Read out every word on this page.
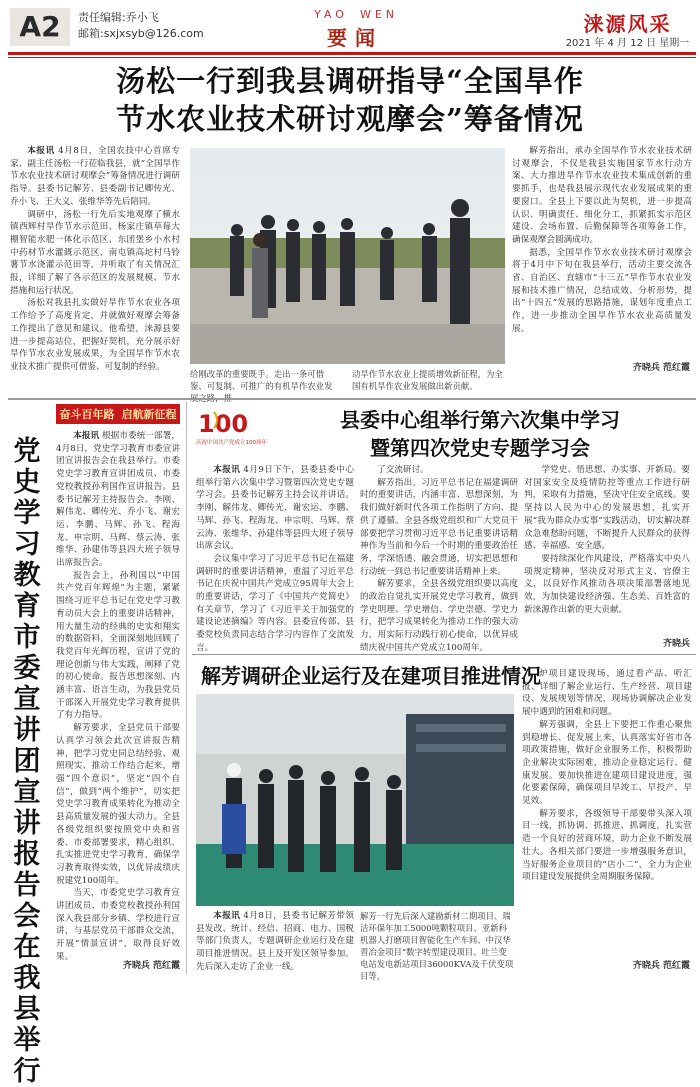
A2	责任编辑:乔小飞
邮箱:sxjxsyb@126.com
YAO WEN
要闻
涞源风采
2021 年 4 月 12 日 星期一
汤松一行到我县调研指导“全国旱作
节水农业技术研讨观摩会”筹备情况

本报讯 4月8日，全国农技中心首席专家、副主任汤松一行莅临我县，就“全国旱作节水农业技术研讨观摩会”筹备情况进行调研指导。县委书记解芳、县委副书记卿传光、乔小飞、王大义、张维华等先后陪同。

调研中，汤松一行先后实地观摩了横水镇西辉村旱作节水示范田、杨家庄镇草莓大棚智能水肥一体化示范区、东团堡乡小水村中药材节水灌溉示范区、南屯镇高坨村马铃薯节水浇灌示范田等，并听取了有关情况汇报，详细了解了各示范区的发展规模、节水措施和运行状况。

汤松对我县扎实做好旱作节水农业各项工作给予了高度肯定，并就做好观摩会筹备工作提出了意见和建议。他希望，涞源县要进一步提高站位，把握好契机，充分展示好旱作节水农业发展成果，为全国旱作节水农业技术推广提供可借鉴、可复制的经验。

给刚改革的重要既手。走出一条可借鉴、可复制、可推广的有机旱作农业发
动旱作节水农业上提质增效新征程，为全国有机旱作农业发展做出新贡献。

解芳指出，承办全国旱作节水农业技术研讨观摩会，不仅是我县实施国家节水行动方案、大力推进旱作节水农业技术集成创新的重要抓手，也是我县展示现代农业发展成果的重要窗口。全县上下要以此为契机，进一步提高认识、明确责任、细化分工，抓紧抓实示范区建设、会场布置、后勤保障等各项筹备工作，确保观摩会圆满成功。

据悉，全国旱作节水农业技术研讨观摩会将于4月中下旬在我县举行，活动主要交流各省、自治区、直辖市“十三五”旱作节水农业发展和技术推广情况，总结成效、分析形势，提出“十四五”发展的思路措施，谋划年度重点工作，进一步推动全国旱作节水农业高质量发展。

齐晓兵 范红霞
奋斗百年路 启航新征程
党
史
学
习
教
育
市
委
宣
讲
团
宣
讲
报
告
会
在
我
县
举
行

本报讯 根据市委统一部署，4月8日，党史学习教育市委宣讲团宣讲报告会在我县举行。市委党史学习教育宣讲团成员、市委党校教授孙利国作宣讲报告。县委书记解芳主持报告会。李刚、解伟龙、卿传光、乔小飞、谢宏运、李鹏、马辉、孙飞、程海龙、申宗明、马辉、蔡云涛、张维华、孙建伟等县四大班子领导出席报告会。

报告会上，孙利国以“中国共产党百年辉煌”为主题，紧紧围绕习近平总书记在党史学习教育动员大会上的重要讲话精神，用大量生动的经典的史实和翔实的数据资料，全面深刻地回顾了我党百年光辉历程，宣讲了党的理论创新与伟大实践，阐释了党的初心使命。报告思想深刻、内涵丰富、语言生动，为我县党员干部深入开展党史学习教育提供了有力指导。

解芳要求，全县党员干部要认真学习领会此次宣讲报告精神，把学习党史同总结经验、观照现实、推动工作结合起来，增强“四个意识”，坚定“四个自信”，做到“两个维护”，切实把党史学习教育成果转化为推动全县高质量发展的强大动力。全县各级党组织要按照党中央和省委、市委部署要求，精心组织、扎实推进党史学习教育，确保学习教育取得实效，以优异成绩庆祝建党100周年。

当天，市委党史学习教育宣讲团成员、市委党校教授孙利国深入我县部分乡镇、学校进行宣讲，与基层党员干部群众交流，开展“情景宣讲”，取得良好效果。

齐晓兵 范红霞
100
庆祝中国共产党成立100周年
县委中心组举行第六次集中学习
暨第四次党史专题学习会

本报讯 4月9日下午，县委县委中心组举行第六次集中学习暨第四次党史专题学习会。县委书记解芳主持会议并讲话。李刚、解伟龙、卿传光、谢宏运、李鹏、马辉、孙飞、程海龙、申宗明、马辉、蔡云涛、张维华、孙建伟等县四大班子领导出席会议。

会议集中学习了习近平总书记在福建调研时的重要讲话精神，重温了习近平总书记在庆祝中国共产党成立95周年大会上的重要讲话，学习了《中国共产党简史》有关章节，学习了《习近平关于加强党的建设论述摘编》等内容。县委宣传部、县委党校负责同志结合学习内容作了交流发言。

了交流研讨。

解芳指出，习近平总书记在福建调研时的重要讲话，内涵丰富、思想深刻，为我们做好新时代各项工作指明了方向、提供了遵循。全县各级党组织和广大党员干部要把学习贯彻习近平总书记重要讲话精神作为当前和今后一个时期的重要政治任务，学深悟透、融会贯通，切实把思想和行动统一到总书记重要讲话精神上来。

解芳要求，全县各级党组织要以高度的政治自觉扎实开展党史学习教育，做到学史明理、学史增信、学史崇德、学史力行，把学习成果转化为推动工作的强大动力，用实际行动践行初心使命，以优异成绩庆祝中国共产党成立100周年。

学党史、悟思想、办实事、开新局。要对国家安全及疫情防控等重点工作进行研判，采取有力措施，坚决守住安全底线。要坚持以人民为中心的发展思想，扎实开展“我为群众办实事”实践活动，切实解决群众急难愁盼问题，不断提升人民群众的获得感、幸福感、安全感。

要持续深化作风建设，严格落实中央八项规定精神，坚决反对形式主义、官僚主义，以良好作风推动各项决策部署落地见效，为加快建设经济强、生态美、百姓富的新涞源作出新的更大贡献。

齐晓兵
解芳调研企业运行及在建项目推进情况

本报讯 4月8日，县委书记解芳带领县发改、统计、经信、招商、电力、国税等部门负责人，专题调研企业运行及在建项目推进情况。县上及开发区领导参加。先后深入走访了企业一线。

解芳一行先后深入建勘新材二期项目、瑞洁环保年加工5000吨颗粒项目、亚新科机器人打磨项目智能化生产车间、中汉华晋冶金项目“数字转型建设项目、吐兰变电站发电新站项目36000KVA及千伏变项目等，

炉项目建设现场，通过看产品、听汇报、详细了解企业运行、生产经营、项目建设、发展规划等情况，现场协调解决企业发展中遇到的困难和问题。

解芳强调，全县上下要把工作重心聚焦到稳增长、促发展上来，认真落实好省市各项政策措施，做好企业服务工作，积极帮助企业解决实际困难，推动企业稳定运行、健康发展。要加快推进在建项目建设进度，强化要素保障，确保项目早竣工、早投产、早见效。

解芳要求，各级领导干部要带头深入项目一线，抓协调、抓推进、抓调度，扎实营造一个良好的营商环境，助力企业不断发展壮大。各相关部门要进一步增强服务意识，当好服务企业项目的“店小二”，全力为企业项目建设发展提供全周期服务保障。

齐晓兵 范红霞
